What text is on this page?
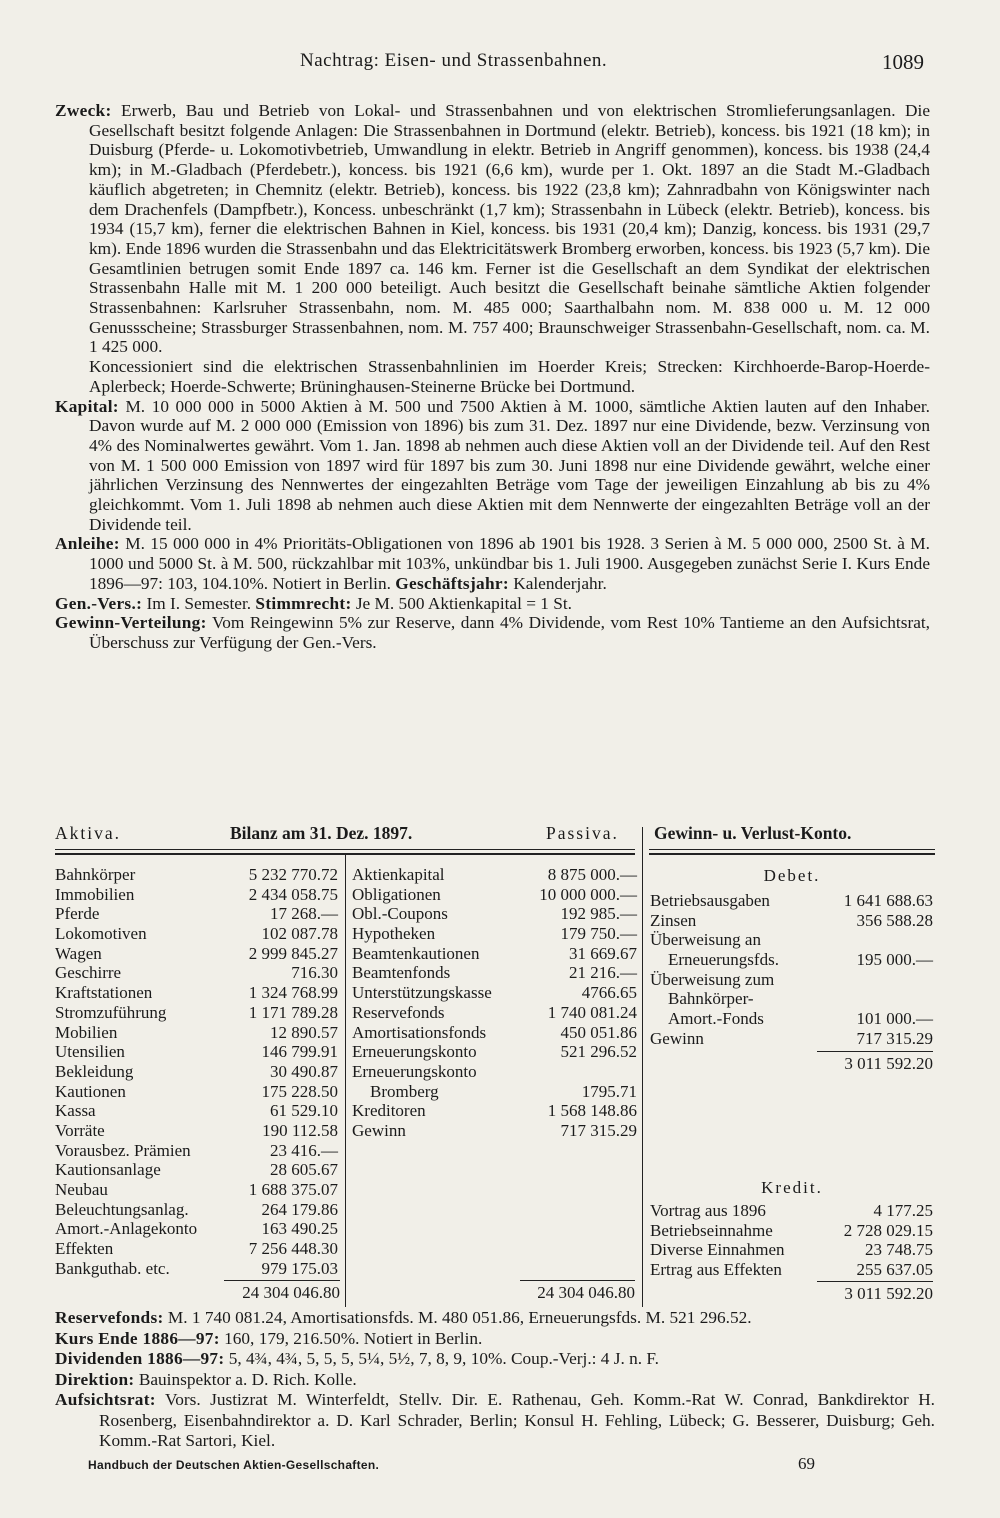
Nachtrag: Eisen- und Strassenbahnen.	1089

Zweck: Erwerb, Bau und Betrieb von Lokal- und Strassenbahnen und von elektrischen Stromlieferungsanlagen. Die Gesellschaft besitzt folgende Anlagen: Die Strassenbahnen in Dortmund (elektr. Betrieb), koncess. bis 1921 (18 km); in Duisburg (Pferde- u. Lokomotivbetrieb, Umwandlung in elektr. Betrieb in Angriff genommen), koncess. bis 1938 (24,4 km); in M.-Gladbach (Pferdebetr.), koncess. bis 1921 (6,6 km), wurde per 1. Okt. 1897 an die Stadt M.-Gladbach käuflich abgetreten; in Chemnitz (elektr. Betrieb), koncess. bis 1922 (23,8 km); Zahnradbahn von Königswinter nach dem Drachenfels (Dampfbetr.), Koncess. unbeschränkt (1,7 km); Strassenbahn in Lübeck (elektr. Betrieb), koncess. bis 1934 (15,7 km), ferner die elektrischen Bahnen in Kiel, koncess. bis 1931 (20,4 km); Danzig, koncess. bis 1931 (29,7 km). Ende 1896 wurden die Strassenbahn und das Elektricitätswerk Bromberg erworben, koncess. bis 1923 (5,7 km). Die Gesamtlinien betrugen somit Ende 1897 ca. 146 km. Ferner ist die Gesellschaft an dem Syndikat der elektrischen Strassenbahn Halle mit M. 1 200 000 beteiligt. Auch besitzt die Gesellschaft beinahe sämtliche Aktien folgender Strassenbahnen: Karlsruher Strassenbahn, nom. M. 485 000; Saarthalbahn nom. M. 838 000 u. M. 12 000 Genussscheine; Strassburger Strassenbahnen, nom. M. 757 400; Braunschweiger Strassenbahn-Gesellschaft, nom. ca. M. 1 425 000.

Koncessioniert sind die elektrischen Strassenbahnlinien im Hoerder Kreis; Strecken: Kirchhoerde-Barop-Hoerde-Aplerbeck; Hoerde-Schwerte; Brüninghausen-Steinerne Brücke bei Dortmund.

Kapital: M. 10 000 000 in 5000 Aktien à M. 500 und 7500 Aktien à M. 1000, sämtliche Aktien lauten auf den Inhaber. Davon wurde auf M. 2 000 000 (Emission von 1896) bis zum 31. Dez. 1897 nur eine Dividende, bezw. Verzinsung von 4% des Nominalwertes gewährt. Vom 1. Jan. 1898 ab nehmen auch diese Aktien voll an der Dividende teil. Auf den Rest von M. 1 500 000 Emission von 1897 wird für 1897 bis zum 30. Juni 1898 nur eine Dividende gewährt, welche einer jährlichen Verzinsung des Nennwertes der eingezahlten Beträge vom Tage der jeweiligen Einzahlung ab bis zu 4% gleichkommt. Vom 1. Juli 1898 ab nehmen auch diese Aktien mit dem Nennwerte der eingezahlten Beträge voll an der Dividende teil.

Anleihe: M. 15 000 000 in 4% Prioritäts-Obligationen von 1896 ab 1901 bis 1928. 3 Serien à M. 5 000 000, 2500 St. à M. 1000 und 5000 St. à M. 500, rückzahlbar mit 103%, unkündbar bis 1. Juli 1900. Ausgegeben zunächst Serie I. Kurs Ende 1896—97: 103, 104.10%. Notiert in Berlin. Geschäftsjahr: Kalenderjahr.

Gen.-Vers.: Im I. Semester. Stimmrecht: Je M. 500 Aktienkapital = 1 St.

Gewinn-Verteilung: Vom Reingewinn 5% zur Reserve, dann 4% Dividende, vom Rest 10% Tantieme an den Aufsichtsrat, Überschuss zur Verfügung der Gen.-Vers.

Aktiva.	Bilanz am 31. Dez. 1897.	Passiva. Gewinn- u. Verlust-Konto.
Bahnkörper	5 232 770.72
Immobilien	2 434 058.75
Pferde	17 268.—
Lokomotiven	102 087.78
Wagen	2 999 845.27
Geschirre	716.30
Kraftstationen	1 324 768.99
Stromzuführung	1 171 789.28
Mobilien	12 890.57
Utensilien	146 799.91
Bekleidung	30 490.87
Kautionen	175 228.50
Kassa	61 529.10
Vorräte	190 112.58
Vorausbez. Prämien	23 416.—
Kautionsanlage	28 605.67
Neubau	1 688 375.07
Beleuchtungsanlag.	264 179.86
Amort.-Anlagekonto	163 490.25
Effekten	7 256 448.30
Bankguthab. etc.	979 175.03
24 304 046.80
Aktienkapital	8 875 000.—
Obligationen	10 000 000.—
Obl.-Coupons	192 985.—
Hypotheken	179 750.—
Beamtenkautionen	31 669.67
Beamtenfonds	21 216.—
Unterstützungskasse	4766.65
Reservefonds	1 740 081.24
Amortisationsfonds	450 051.86
Erneuerungskonto	521 296.52
Erneuerungskonto
Bromberg	1795.71
Kreditoren	1 568 148.86
Gewinn	717 315.29
24 304 046.80
Debet.
Betriebsausgaben	1 641 688.63
Zinsen	356 588.28
Überweisung an
Erneuerungsfds.	195 000.—
Überweisung zum
Bahnkörper-
Amort.-Fonds	101 000.—
Gewinn	717 315.29
3 011 592.20
Kredit.
Vortrag aus 1896	4 177.25
Betriebseinnahme	2 728 029.15
Diverse Einnahmen	23 748.75
Ertrag aus Effekten	255 637.05
3 011 592.20

Reservefonds: M. 1 740 081.24, Amortisationsfds. M. 480 051.86, Erneuerungsfds. M. 521 296.52.

Kurs Ende 1886—97: 160, 179, 216.50%. Notiert in Berlin.

Dividenden 1886—97: 5, 4¾, 4¾, 5, 5, 5, 5¼, 5½, 7, 8, 9, 10%. Coup.-Verj.: 4 J. n. F.

Direktion: Bauinspektor a. D. Rich. Kolle.

Aufsichtsrat: Vors. Justizrat M. Winterfeldt, Stellv. Dir. E. Rathenau, Geh. Komm.-Rat W. Conrad, Bankdirektor H. Rosenberg, Eisenbahndirektor a. D. Karl Schrader, Berlin; Konsul H. Fehling, Lübeck; G. Besserer, Duisburg; Geh. Komm.-Rat Sartori, Kiel.

Handbuch der Deutschen Aktien-Gesellschaften.	69
